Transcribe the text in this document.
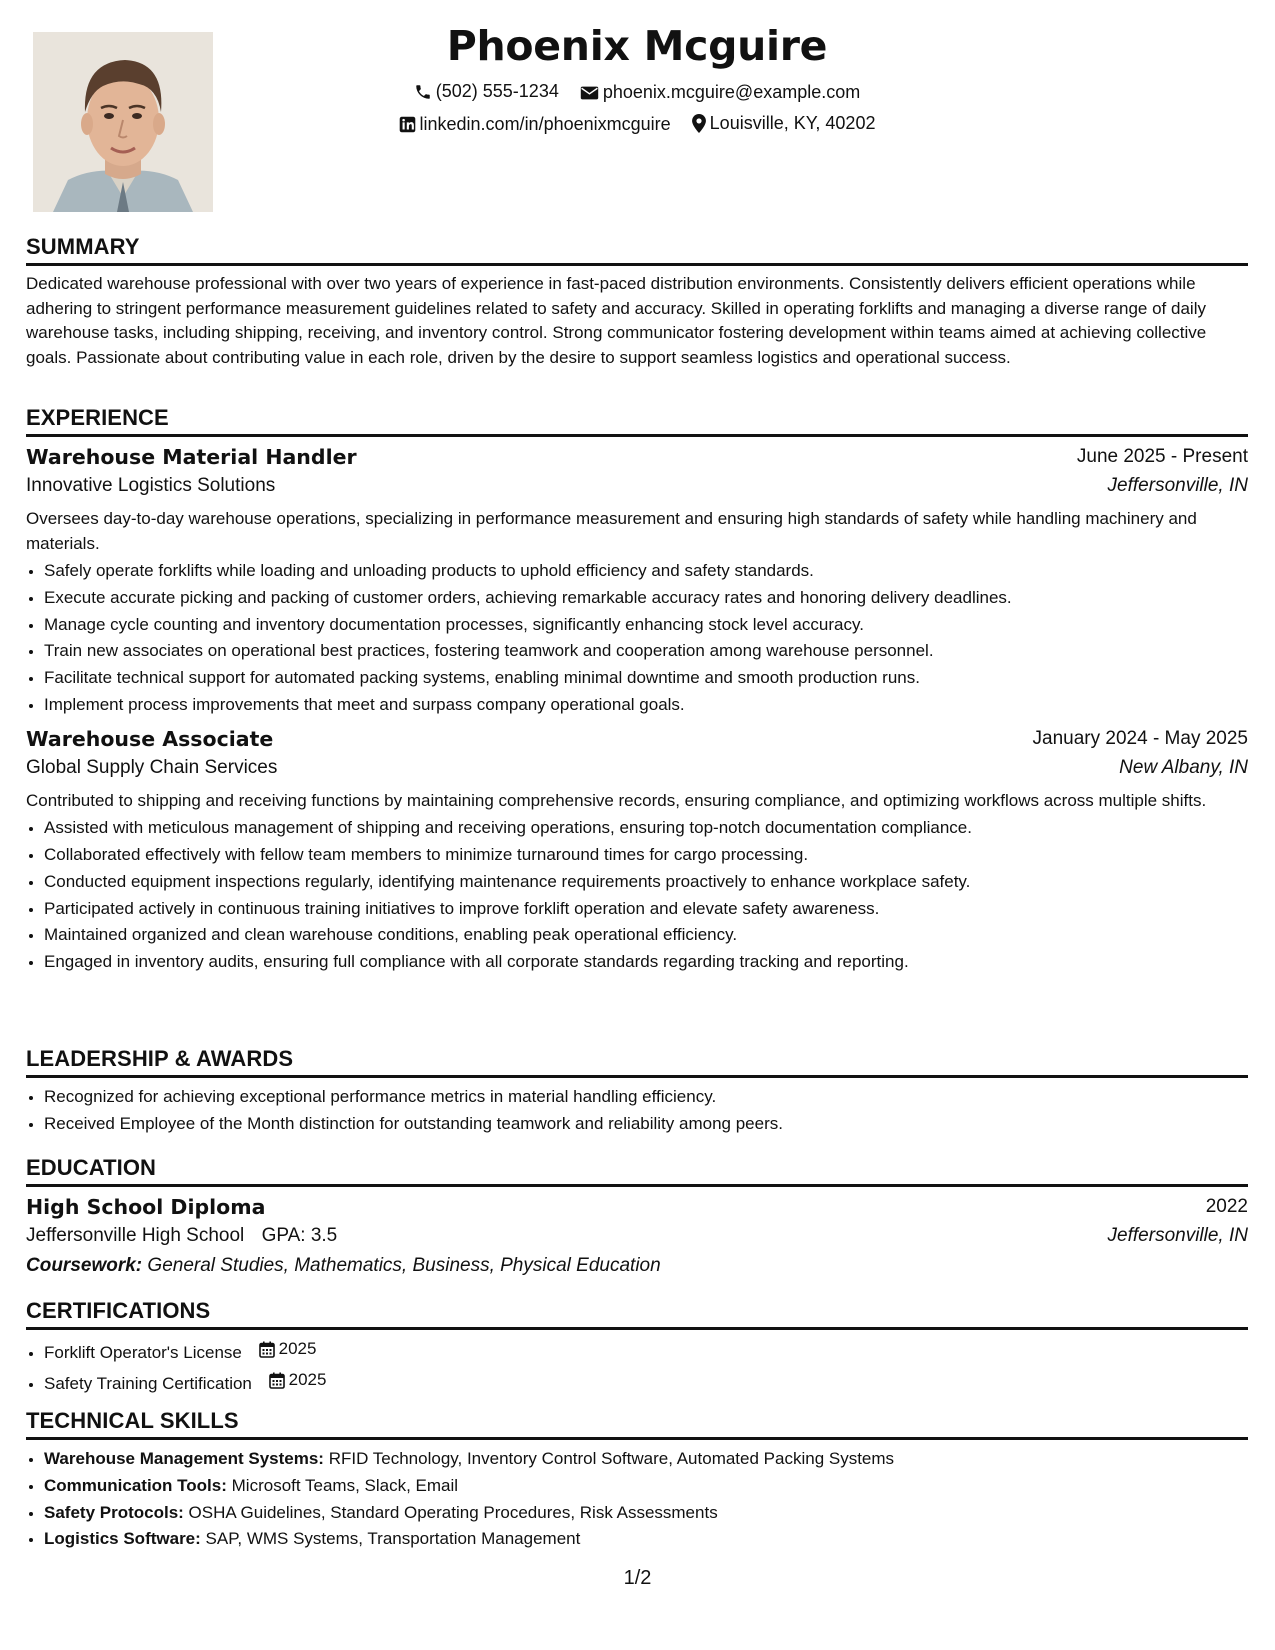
Phoenix Mcguire
(502) 555-1234
phoenix.mcguire@example.com
linkedin.com/in/phoenixmcguire
Louisville, KY, 40202
SUMMARY
Dedicated warehouse professional with over two years of experience in fast-paced distribution environments. Consistently delivers efficient operations while adhering to stringent performance measurement guidelines related to safety and accuracy. Skilled in operating forklifts and managing a diverse range of daily warehouse tasks, including shipping, receiving, and inventory control. Strong communicator fostering development within teams aimed at achieving collective goals. Passionate about contributing value in each role, driven by the desire to support seamless logistics and operational success.
EXPERIENCE
Warehouse Material Handler	June 2025 - Present
Innovative Logistics Solutions	Jeffersonville, IN
Oversees day-to-day warehouse operations, specializing in performance measurement and ensuring high standards of safety while handling machinery and materials.
• Safely operate forklifts while loading and unloading products to uphold efficiency and safety standards.
• Execute accurate picking and packing of customer orders, achieving remarkable accuracy rates and honoring delivery deadlines.
• Manage cycle counting and inventory documentation processes, significantly enhancing stock level accuracy.
• Train new associates on operational best practices, fostering teamwork and cooperation among warehouse personnel.
• Facilitate technical support for automated packing systems, enabling minimal downtime and smooth production runs.
• Implement process improvements that meet and surpass company operational goals.
Warehouse Associate	January 2024 - May 2025
Global Supply Chain Services	New Albany, IN
Contributed to shipping and receiving functions by maintaining comprehensive records, ensuring compliance, and optimizing workflows across multiple shifts.
• Assisted with meticulous management of shipping and receiving operations, ensuring top-notch documentation compliance.
• Collaborated effectively with fellow team members to minimize turnaround times for cargo processing.
• Conducted equipment inspections regularly, identifying maintenance requirements proactively to enhance workplace safety.
• Participated actively in continuous training initiatives to improve forklift operation and elevate safety awareness.
• Maintained organized and clean warehouse conditions, enabling peak operational efficiency.
• Engaged in inventory audits, ensuring full compliance with all corporate standards regarding tracking and reporting.
LEADERSHIP & AWARDS
• Recognized for achieving exceptional performance metrics in material handling efficiency.
• Received Employee of the Month distinction for outstanding teamwork and reliability among peers.
EDUCATION
High School Diploma	2022
Jeffersonville High School GPA: 3.5	Jeffersonville, IN
Coursework: General Studies, Mathematics, Business, Physical Education
CERTIFICATIONS
• Forklift Operator's License 2025
• Safety Training Certification 2025
TECHNICAL SKILLS
• Warehouse Management Systems: RFID Technology, Inventory Control Software, Automated Packing Systems
• Communication Tools: Microsoft Teams, Slack, Email
• Safety Protocols: OSHA Guidelines, Standard Operating Procedures, Risk Assessments
• Logistics Software: SAP, WMS Systems, Transportation Management
1/2
